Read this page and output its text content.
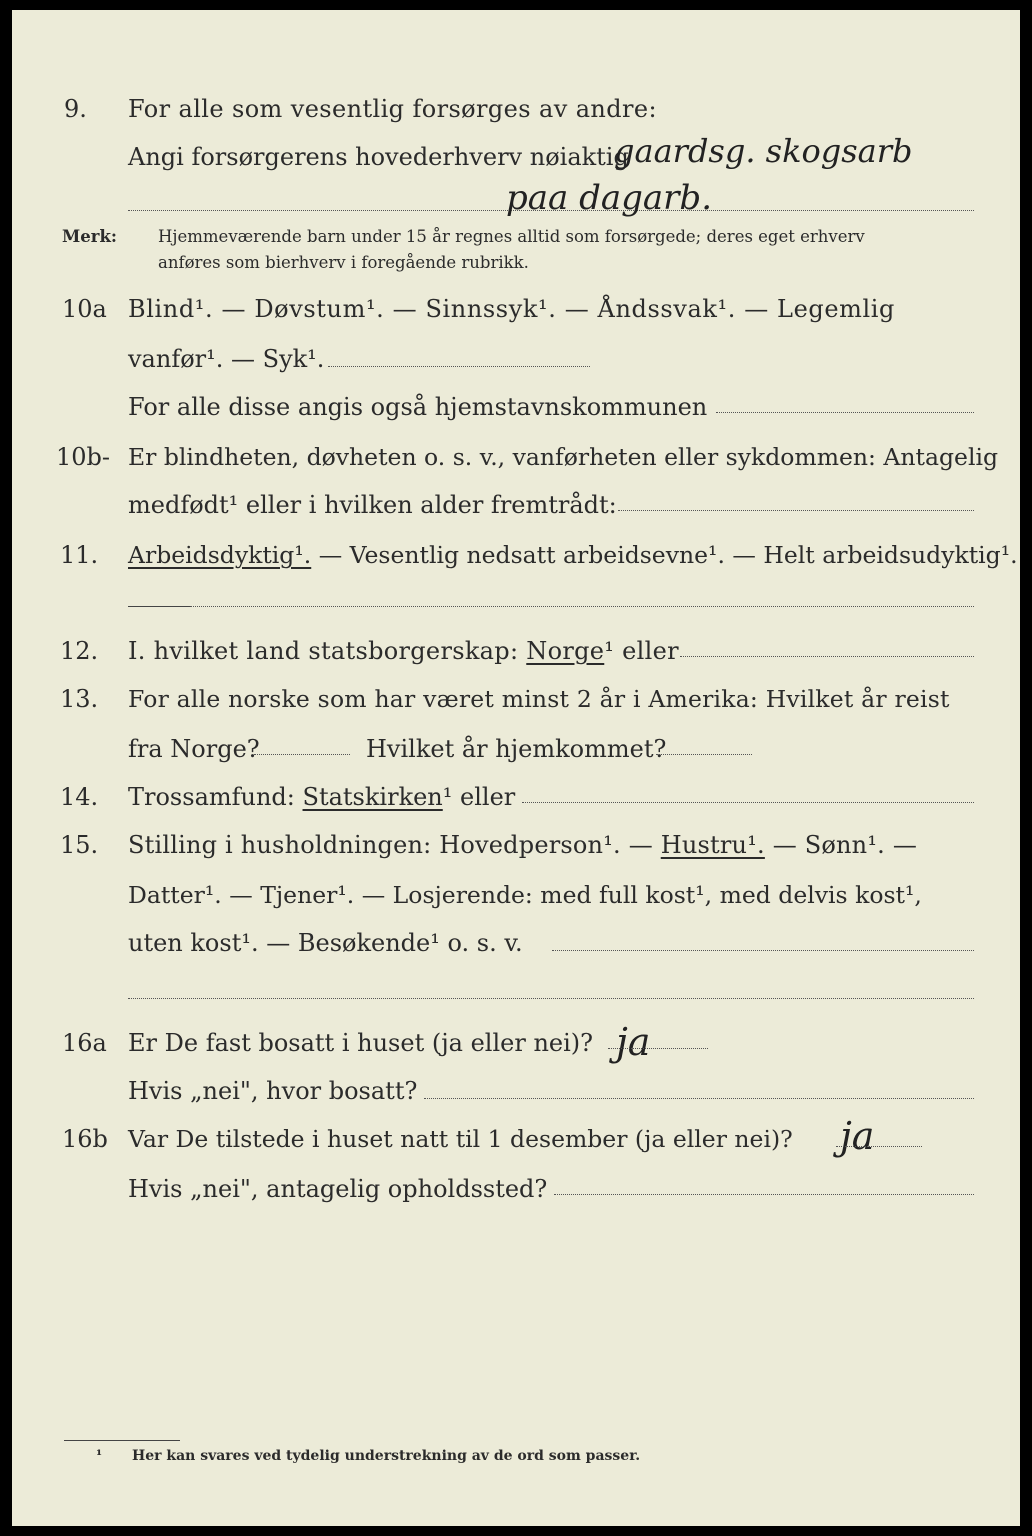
9. For alle som vesentlig forsørges av andre:
Angi forsørgerens hovederhverv nøiaktig
gaardsg. skogsarb
paa dagarb.
Merk: Hjemmeværende barn under 15 år regnes alltid som forsørgede; deres eget erhverv
anføres som bierhverv i foregående rubrikk.
10a Blind¹. — Døvstum¹. — Sinnssyk¹. — Åndssvak¹. — Legemlig
vanfør¹. — Syk¹.
For alle disse angis også hjemstavnskommunen
10b- Er blindheten, døvheten o. s. v., vanførheten eller sykdommen: Antagelig
medfødt¹ eller i hvilken alder fremtrådt:
11. Arbeidsdyktig¹. — Vesentlig nedsatt arbeidsevne¹. — Helt arbeidsudyktig¹.
12. I. hvilket land statsborgerskap: Norge¹ eller
13. For alle norske som har været minst 2 år i Amerika: Hvilket år reist
fra Norge?	Hvilket år hjemkommet?
14. Trossamfund: Statskirken¹ eller
15. Stilling i husholdningen: Hovedperson¹. — Hustru¹. — Sønn¹. —
Datter¹. — Tjener¹. — Losjerende: med full kost¹, med delvis kost¹,
uten kost¹. — Besøkende¹ o. s. v.
16a Er De fast bosatt i huset (ja eller nei)? ja
Hvis „nei", hvor bosatt?
16b Var De tilstede i huset natt til 1 desember (ja eller nei)? ja
Hvis „nei", antagelig opholdssted?
¹ Her kan svares ved tydelig understrekning av de ord som passer.
